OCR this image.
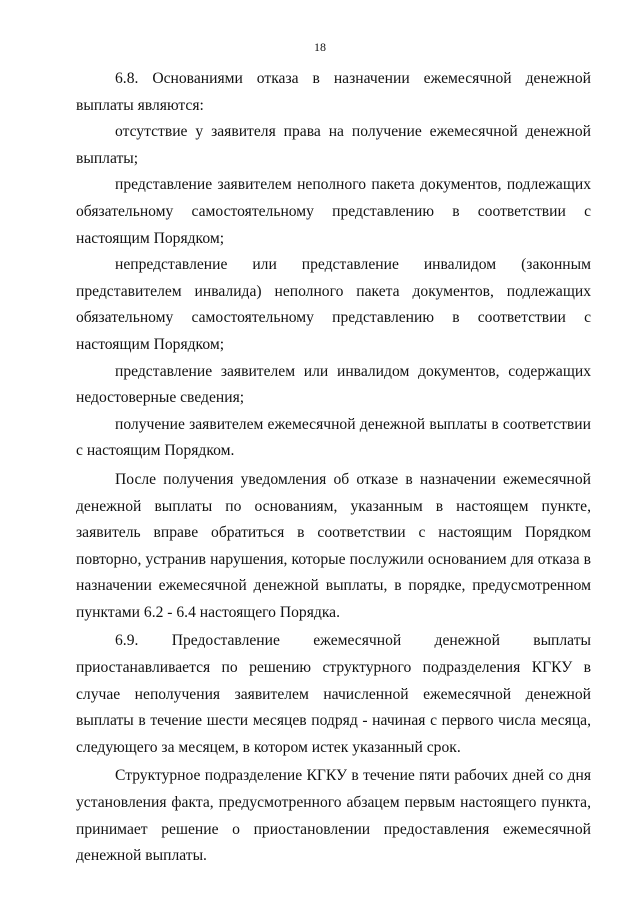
18

6.8. Основаниями отказа в назначении ежемесячной денежной выплаты являются:

отсутствие у заявителя права на получение ежемесячной денежной выплаты;

представление заявителем неполного пакета документов, подлежащих обязательному самостоятельному представлению в соответствии с настоящим Порядком;

непредставление или представление инвалидом (законным представителем инвалида) неполного пакета документов, подлежащих обязательному самостоятельному представлению в соответствии с настоящим Порядком;

представление заявителем или инвалидом документов, содержащих недостоверные сведения;

получение заявителем ежемесячной денежной выплаты в соответствии с настоящим Порядком.

После получения уведомления об отказе в назначении ежемесячной денежной выплаты по основаниям, указанным в настоящем пункте, заявитель вправе обратиться в соответствии с настоящим Порядком повторно, устранив нарушения, которые послужили основанием для отказа в назначении ежемесячной денежной выплаты, в порядке, предусмотренном пунктами 6.2 - 6.4 настоящего Порядка.

6.9. Предоставление ежемесячной денежной выплаты приостанавливается по решению структурного подразделения КГКУ в случае неполучения заявителем начисленной ежемесячной денежной выплаты в течение шести месяцев подряд - начиная с первого числа месяца, следующего за месяцем, в котором истек указанный срок.

Структурное подразделение КГКУ в течение пяти рабочих дней со дня установления факта, предусмотренного абзацем первым настоящего пункта, принимает решение о приостановлении предоставления ежемесячной денежной выплаты.
